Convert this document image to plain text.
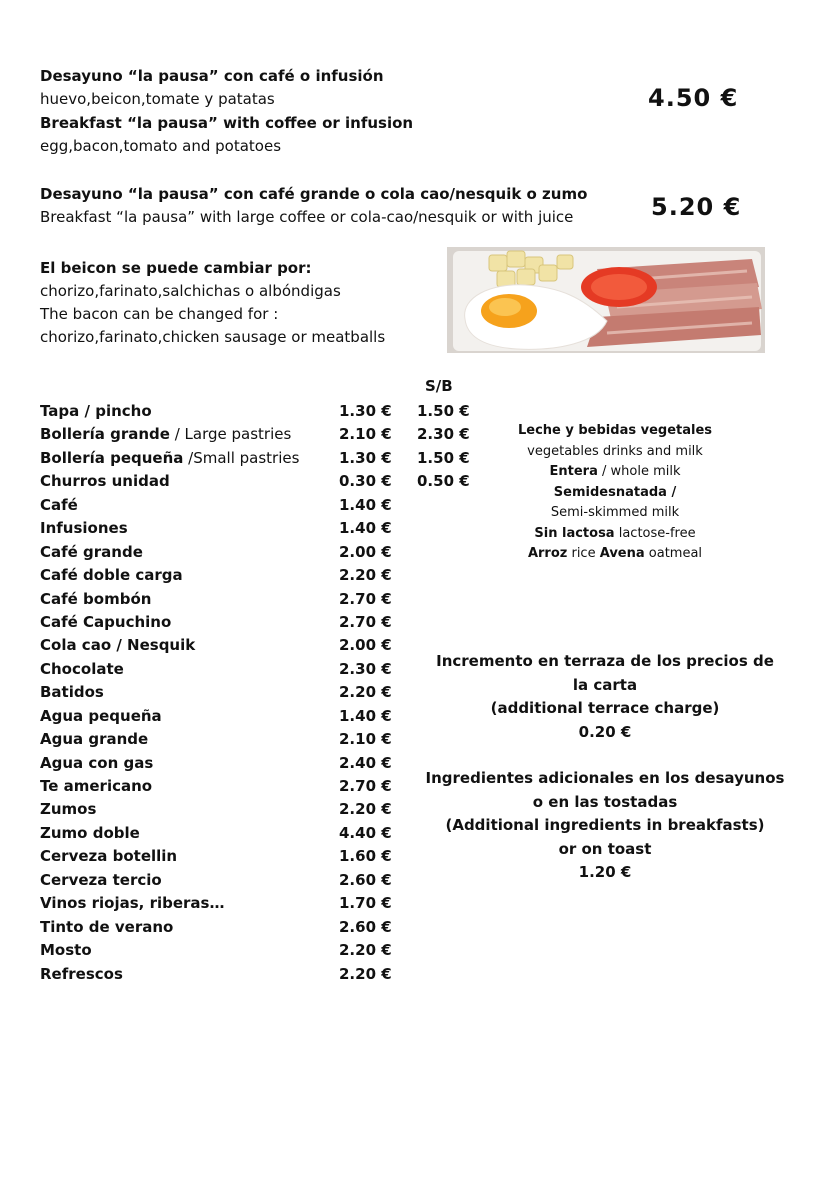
Desayuno “la pausa” con café o infusión
huevo,beicon,tomate y patatas
Breakfast “la pausa” with coffee or infusion
egg,bacon,tomato and potatoes
4.50 €
Desayuno “la pausa” con café grande o cola cao/nesquik o zumo
Breakfast “la pausa” with large coffee or cola-cao/nesquik or with juice	5.20 €
El beicon se puede cambiar por:
chorizo,farinato,salchichas o albóndigas
The bacon can be changed for :
chorizo,farinato,chicken sausage or meatballs
S/B
Tapa / pincho	1.30 € 1.50 €
Bollería grande / Large pastries	2.10 € 2.30 €
Bollería pequeña /Small pastries	1.30 € 1.50 €
Churros unidad	0.30 € 0.50 €
Café	1.40 €
Infusiones	1.40 €
Café grande	2.00 €
Café doble carga	2.20 €
Café bombón	2.70 €
Café Capuchino	2.70 €
Cola cao / Nesquik	2.00 €
Chocolate	2.30 €
Batidos	2.20 €
Agua pequeña	1.40 €
Agua grande	2.10 €
Agua con gas	2.40 €
Te americano	2.70 €
Zumos	2.20 €
Zumo doble	4.40 €
Cerveza botellin	1.60 €
Cerveza tercio	2.60 €
Vinos riojas, riberas…	1.70 €
Tinto de verano	2.60 €
Mosto	2.20 €
Refrescos	2.20 €
Leche y bebidas vegetales
vegetables drinks and milk
Entera / whole milk
Semidesnatada /
Semi-skimmed milk
Sin lactosa lactose-free
Arroz rice Avena oatmeal
Incremento en terraza de los precios de
la carta
(additional terrace charge)
0.20 €
Ingredientes adicionales en los desayunos
o en las tostadas
(Additional ingredients in breakfasts)
or on toast
1.20 €
